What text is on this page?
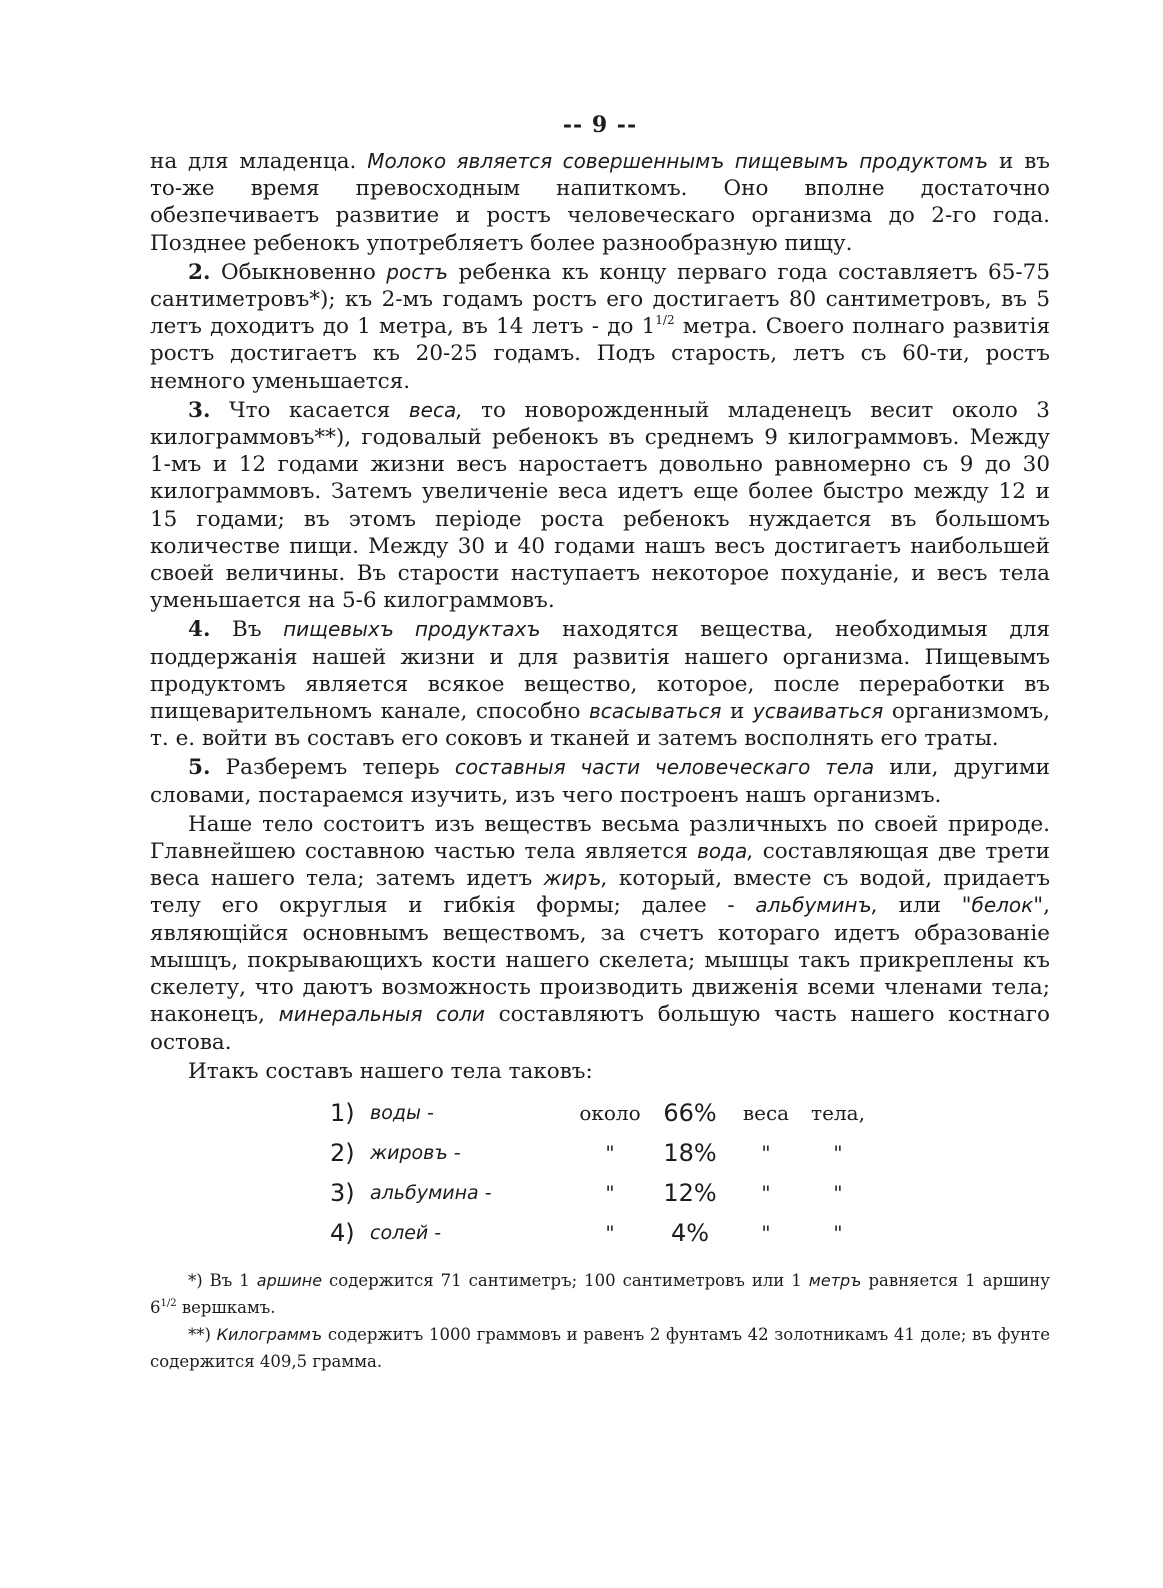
-- 9 --

на для младенца. Молоко является совершеннымъ пищевымъ продуктомъ и въ то-же время превосходным напиткомъ. Оно вполне достаточно обезпечиваетъ развитие и ростъ человеческаго организма до 2-го года. Позднее ребенокъ употребляетъ более разнообразную пищу.

2. Обыкновенно ростъ ребенка къ концу перваго года составляетъ 65-75 сантиметровъ*); къ 2-мъ годамъ ростъ его достигаетъ 80 сантиметровъ, въ 5 летъ доходитъ до 1 метра, въ 14 летъ - до $1^{1/2}$ метра. Своего полнаго развитія ростъ достигаетъ къ 20-25 годамъ. Подъ старость, летъ съ 60-ти, ростъ немного уменьшается.

3. Что касается веса, то новорожденный младенецъ весит около 3 килограммовъ**), годовалый ребенокъ въ среднемъ 9 килограммовъ. Между 1-мъ и 12 годами жизни весъ наростаетъ довольно равномерно съ 9 до 30 килограммовъ. Затемъ увеличеніе веса идетъ еще более быстро между 12 и 15 годами; въ этомъ періоде роста ребенокъ нуждается въ большомъ количестве пищи. Между 30 и 40 годами нашъ весъ достигаетъ наибольшей своей величины. Въ старости наступаетъ некоторое похуданіе, и весъ тела уменьшается на 5-6 килограммовъ.

4. Въ пищевыхъ продуктахъ находятся вещества, необходимыя для поддержанія нашей жизни и для развитія нашего организма. Пищевымъ продуктомъ является всякое вещество, которое, после переработки въ пищеварительномъ канале, способно всасываться и усваиваться организмомъ, т. е. войти въ составъ его соковъ и тканей и затемъ восполнять его траты.

5. Разберемъ теперь составныя части человеческаго тела или, другими словами, постараемся изучить, изъ чего построенъ нашъ организмъ.

Наше тело состоитъ изъ веществъ весьма различныхъ по своей природе. Главнейшею составною частью тела является вода, составляющая две трети веса нашего тела; затемъ идетъ жиръ, который, вместе съ водой, придаетъ телу его округлыя и гибкія формы; далее - альбуминъ, или "белок", являющійся основнымъ веществомъ, за счетъ котораго идетъ образованіе мышцъ, покрывающихъ кости нашего скелета; мышцы такъ прикреплены къ скелету, что даютъ возможность производить движенія всеми членами тела; наконецъ, минеральныя соли составляютъ большую часть нашего костнаго остова.

Итакъ составъ нашего тела таковъ:

1)	воды -	около	66%	веса	тела,
2)	жировъ -	"	18%	"	"
3)	альбумина -	"	12%	"	"
4)	солей -	"	4%	"	"

*) Въ 1 аршине содержится 71 сантиметръ; 100 сантиметровъ или 1 метръ равняется 1 аршину $6^{1/2}$ вершкамъ.

**) Килограммъ содержитъ 1000 граммовъ и равенъ 2 фунтамъ 42 золотникамъ 41 доле; въ фунте содержится 409,5 грамма.
